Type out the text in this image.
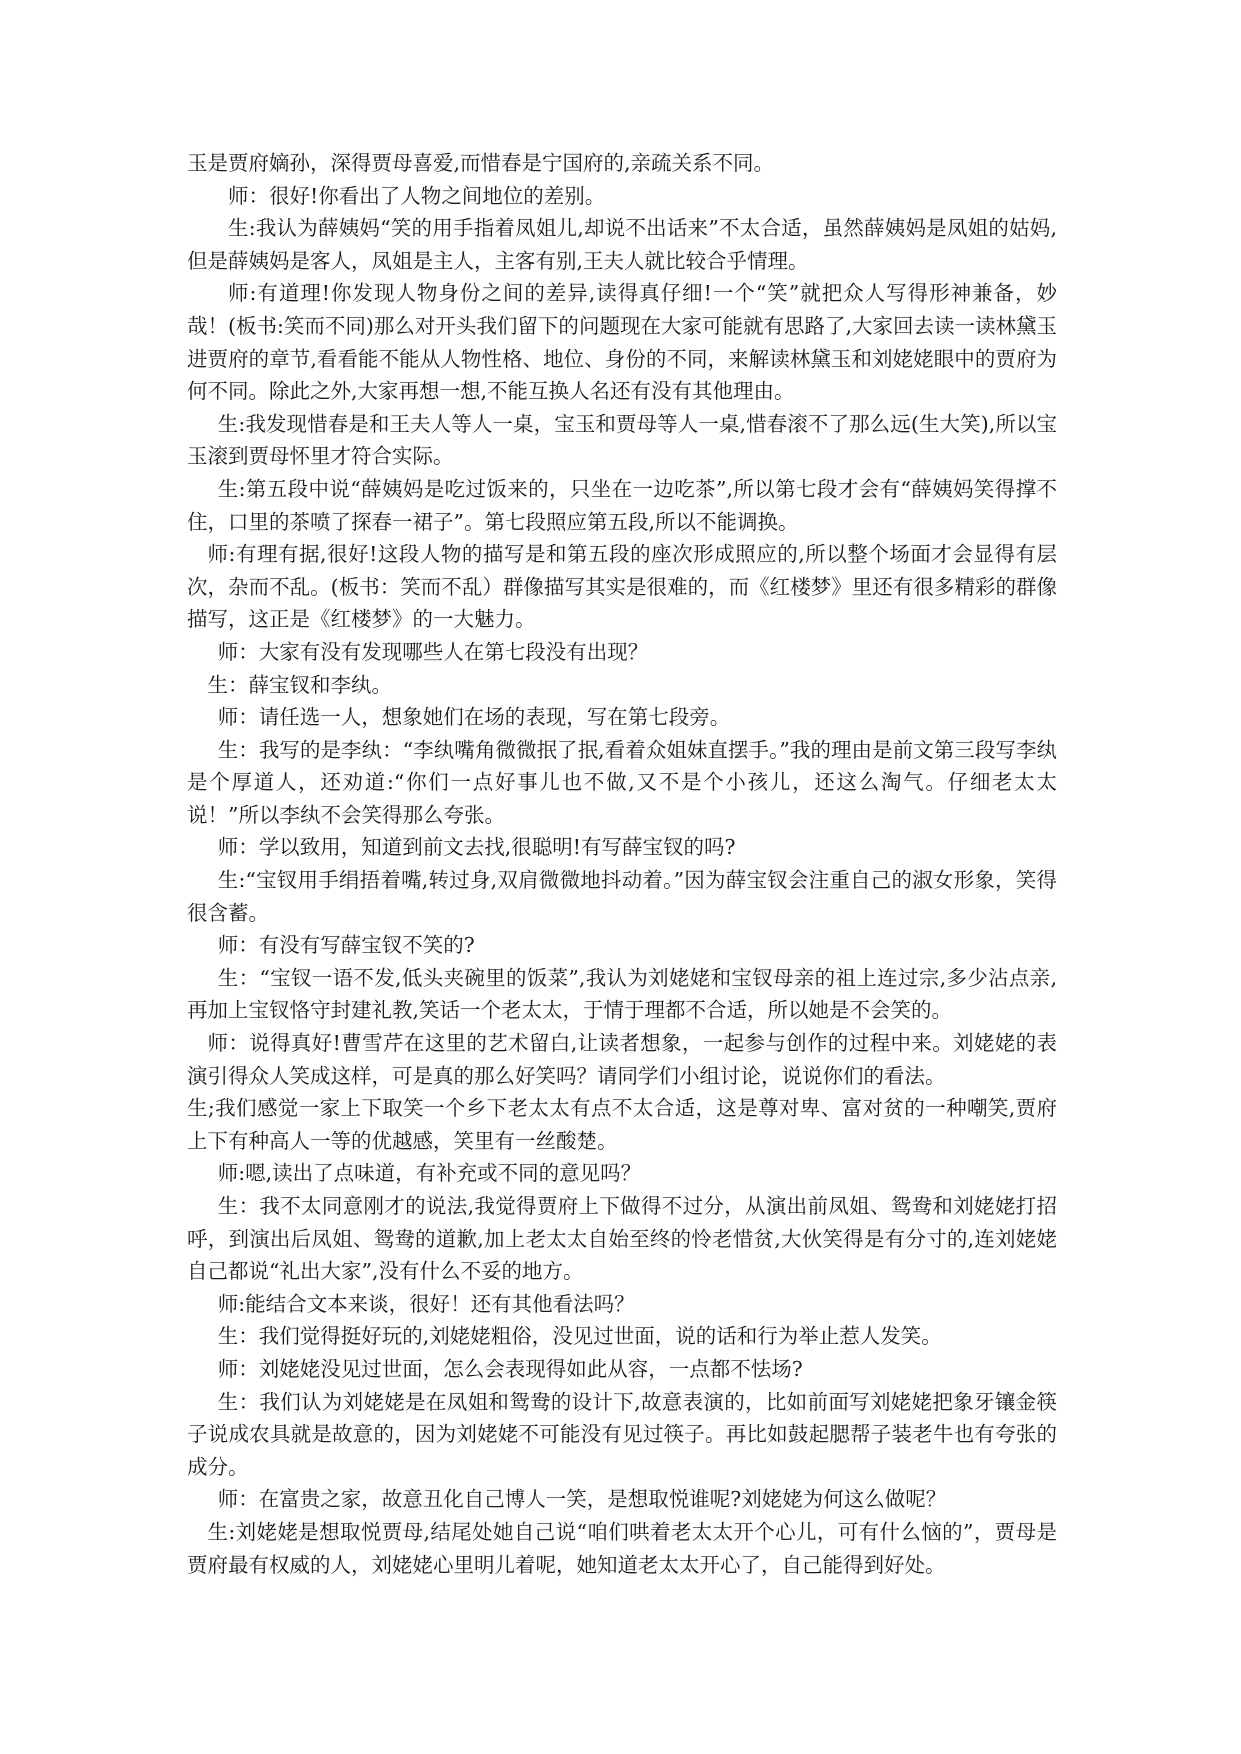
玉是贾府嫡孙，深得贾母喜爱,而惜春是宁国府的,亲疏关系不同。

师：很好!你看出了人物之间地位的差别。

生:我认为薛姨妈“笑的用手指着凤姐儿,却说不出话来”不太合适，虽然薛姨妈是凤姐的姑妈,但是薛姨妈是客人，凤姐是主人，主客有别,王夫人就比较合乎情理。

师:有道理!你发现人物身份之间的差异,读得真仔细!一个“笑”就把众人写得形神兼备，妙哉！(板书:笑而不同)那么对开头我们留下的问题现在大家可能就有思路了,大家回去读一读林黛玉进贾府的章节,看看能不能从人物性格、地位、身份的不同，来解读林黛玉和刘姥姥眼中的贾府为何不同。除此之外,大家再想一想,不能互换人名还有没有其他理由。

生:我发现惜春是和王夫人等人一桌，宝玉和贾母等人一桌,惜春滚不了那么远(生大笑),所以宝玉滚到贾母怀里才符合实际。

生:第五段中说“薛姨妈是吃过饭来的，只坐在一边吃茶”,所以第七段才会有“薛姨妈笑得撑不住，口里的茶喷了探春一裙子”。第七段照应第五段,所以不能调换。

师:有理有据,很好!这段人物的描写是和第五段的座次形成照应的,所以整个场面才会显得有层次，杂而不乱。(板书：笑而不乱）群像描写其实是很难的，而《红楼梦》里还有很多精彩的群像描写，这正是《红楼梦》的一大魅力。

师：大家有没有发现哪些人在第七段没有出现？

生：薛宝钗和李纨。

师：请任选一人，想象她们在场的表现，写在第七段旁。

生：我写的是李纨：“李纨嘴角微微抿了抿,看着众姐妹直摆手。”我的理由是前文第三段写李纨是个厚道人，还劝道:“你们一点好事儿也不做,又不是个小孩儿，还这么淘气。仔细老太太说！”所以李纨不会笑得那么夸张。

师：学以致用，知道到前文去找,很聪明!有写薛宝钗的吗?

生:“宝钗用手绢捂着嘴,转过身,双肩微微地抖动着。”因为薛宝钗会注重自己的淑女形象，笑得很含蓄。

师：有没有写薛宝钗不笑的?

生：“宝钗一语不发,低头夹碗里的饭菜”,我认为刘姥姥和宝钗母亲的祖上连过宗,多少沾点亲,再加上宝钗恪守封建礼教,笑话一个老太太，于情于理都不合适，所以她是不会笑的。

师：说得真好!曹雪芹在这里的艺术留白,让读者想象，一起参与创作的过程中来。刘姥姥的表演引得众人笑成这样，可是真的那么好笑吗？请同学们小组讨论，说说你们的看法。

生;我们感觉一家上下取笑一个乡下老太太有点不太合适，这是尊对卑、富对贫的一种嘲笑,贾府上下有种高人一等的优越感，笑里有一丝酸楚。

师:嗯,读出了点味道，有补充或不同的意见吗？

生：我不太同意刚才的说法,我觉得贾府上下做得不过分，从演出前凤姐、鸳鸯和刘姥姥打招呼，到演出后凤姐、鸳鸯的道歉,加上老太太自始至终的怜老惜贫,大伙笑得是有分寸的,连刘姥姥自己都说“礼出大家”,没有什么不妥的地方。

师:能结合文本来谈，很好！还有其他看法吗？

生：我们觉得挺好玩的,刘姥姥粗俗，没见过世面，说的话和行为举止惹人发笑。

师：刘姥姥没见过世面，怎么会表现得如此从容，一点都不怯场?

生：我们认为刘姥姥是在凤姐和鸳鸯的设计下,故意表演的，比如前面写刘姥姥把象牙镶金筷子说成农具就是故意的，因为刘姥姥不可能没有见过筷子。再比如鼓起腮帮子装老牛也有夸张的成分。

师：在富贵之家，故意丑化自己博人一笑，是想取悦谁呢?刘姥姥为何这么做呢？

生:刘姥姥是想取悦贾母,结尾处她自己说“咱们哄着老太太开个心儿，可有什么恼的”，贾母是贾府最有权威的人，刘姥姥心里明儿着呢，她知道老太太开心了，自己能得到好处。
